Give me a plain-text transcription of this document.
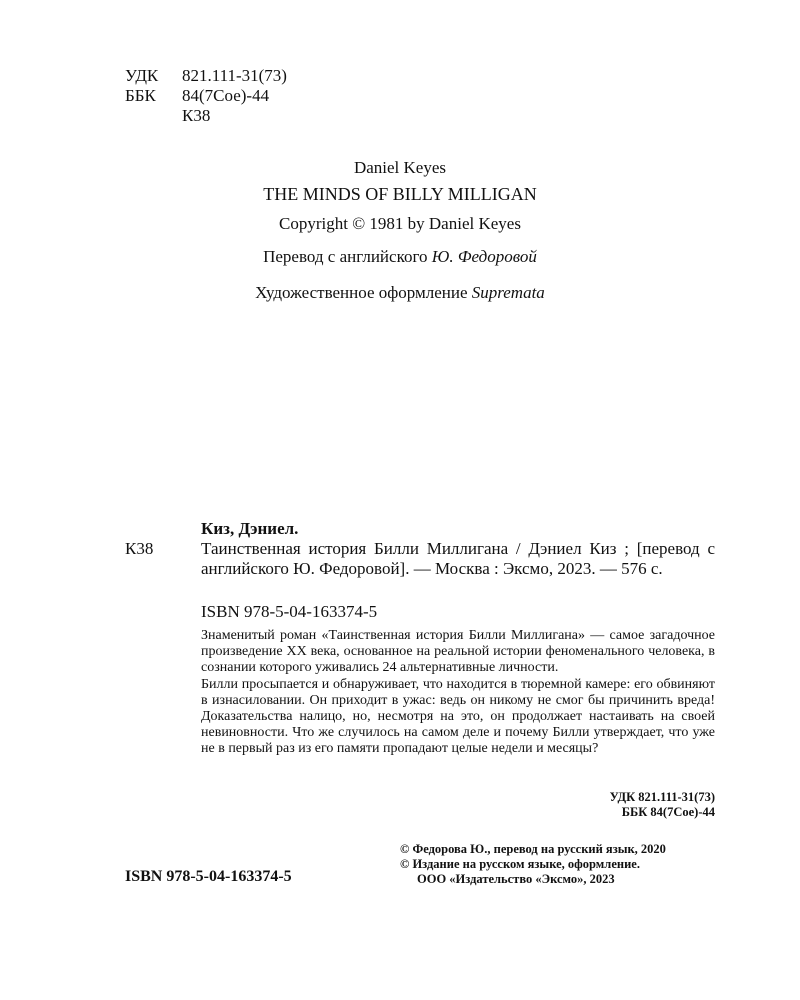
УДК 821.111-31(73)
ББК 84(7Сое)-44
К38
Daniel Keyes
THE MINDS OF BILLY MILLIGAN
Copyright © 1981 by Daniel Keyes
Перевод с английского Ю. Федоровой
Художественное оформление Suprematа
Киз, Дэниел.
К38	Таинственная история Билли Миллигана / Дэниел Киз ; [перевод с английского Ю. Федоровой]. — Москва : Эксмо, 2023. — 576 с.
ISBN 978-5-04-163374-5

Знаменитый роман «Таинственная история Билли Миллигана» — самое загадочное произведение XX века, основанное на реальной истории феноменального человека, в сознании которого уживались 24 альтернативные личности.

Билли просыпается и обнаруживает, что находится в тюремной камере: его обвиняют в изнасиловании. Он приходит в ужас: ведь он никому не смог бы причинить вреда! Доказательства налицо, но, несмотря на это, он продолжает настаивать на своей невиновности. Что же случилось на самом деле и почему Билли утверждает, что уже не в первый раз из его памяти пропадают целые недели и месяцы?

УДК 821.111-31(73)
ББК 84(7Сое)-44
© Федорова Ю., перевод на русский язык, 2020
© Издание на русском языке, оформление.
ООО «Издательство «Эксмо», 2023
ISBN 978-5-04-163374-5
